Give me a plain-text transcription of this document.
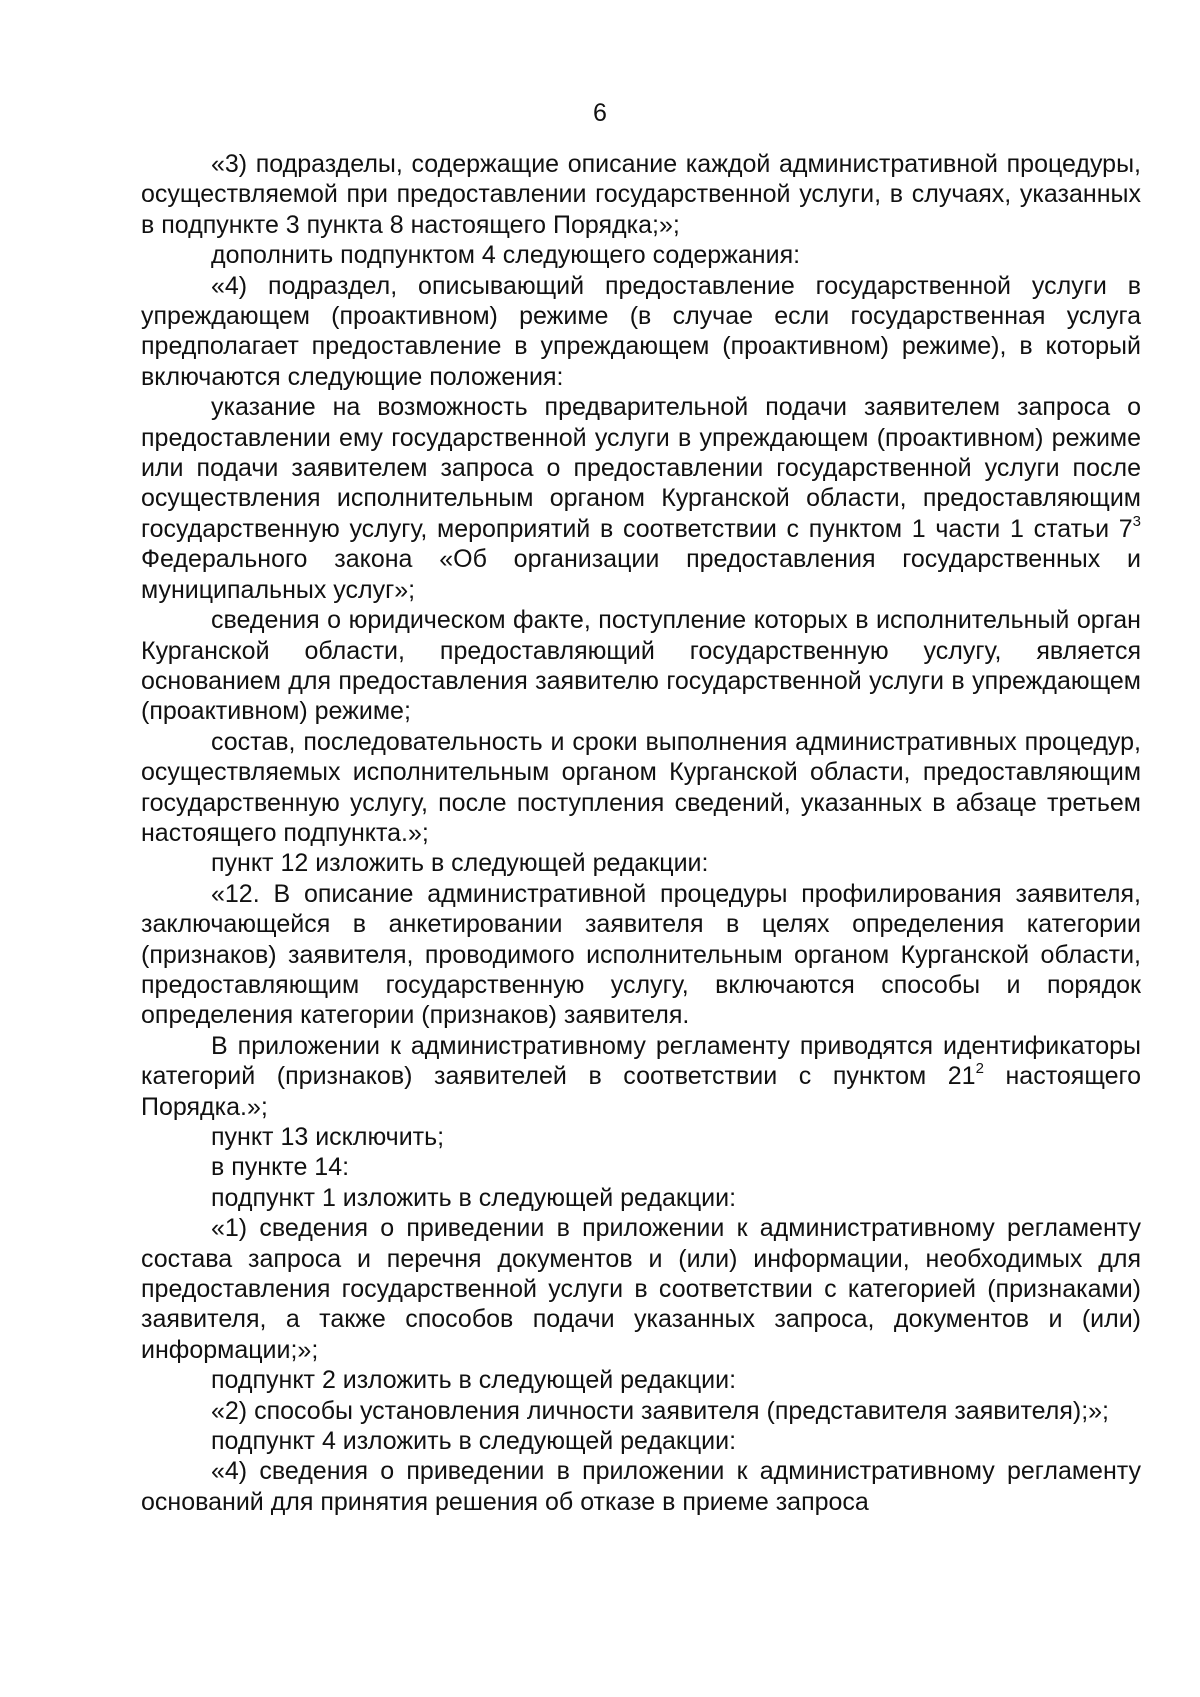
6

«3) подразделы, содержащие описание каждой административной процедуры, осуществляемой при предоставлении государственной услуги, в случаях, указанных в подпункте 3 пункта 8 настоящего Порядка;»;

дополнить подпунктом 4 следующего содержания:

«4) подраздел, описывающий предоставление государственной услуги в упреждающем (проактивном) режиме (в случае если государственная услуга предполагает предоставление в упреждающем (проактивном) режиме), в который включаются следующие положения:

указание на возможность предварительной подачи заявителем запроса о предоставлении ему государственной услуги в упреждающем (проактивном) режиме или подачи заявителем запроса о предоставлении государственной услуги после осуществления исполнительным органом Курганской области, предоставляющим государственную услугу, мероприятий в соответствии с пунктом 1 части 1 статьи $7^3$ Федерального закона «Об организации предоставления государственных и муниципальных услуг»;

сведения о юридическом факте, поступление которых в исполнительный орган Курганской области, предоставляющий государственную услугу, является основанием для предоставления заявителю государственной услуги в упреждающем (проактивном) режиме;

состав, последовательность и сроки выполнения административных процедур, осуществляемых исполнительным органом Курганской области, предоставляющим государственную услугу, после поступления сведений, указанных в абзаце третьем настоящего подпункта.»;

пункт 12 изложить в следующей редакции:

«12. В описание административной процедуры профилирования заявителя, заключающейся в анкетировании заявителя в целях определения категории (признаков) заявителя, проводимого исполнительным органом Курганской области, предоставляющим государственную услугу, включаются способы и порядок определения категории (признаков) заявителя.

В приложении к административному регламенту приводятся идентификаторы категорий (признаков) заявителей в соответствии с пунктом $21^2$ настоящего Порядка.»;

пункт 13 исключить;

в пункте 14:

подпункт 1 изложить в следующей редакции:

«1) сведения о приведении в приложении к административному регламенту состава запроса и перечня документов и (или) информации, необходимых для предоставления государственной услуги в соответствии с категорией (признаками) заявителя, а также способов подачи указанных запроса, документов и (или) информации;»;

подпункт 2 изложить в следующей редакции:

«2) способы установления личности заявителя (представителя заявителя);»;

подпункт 4 изложить в следующей редакции:

«4) сведения о приведении в приложении к административному регламенту оснований для принятия решения об отказе в приеме запроса
